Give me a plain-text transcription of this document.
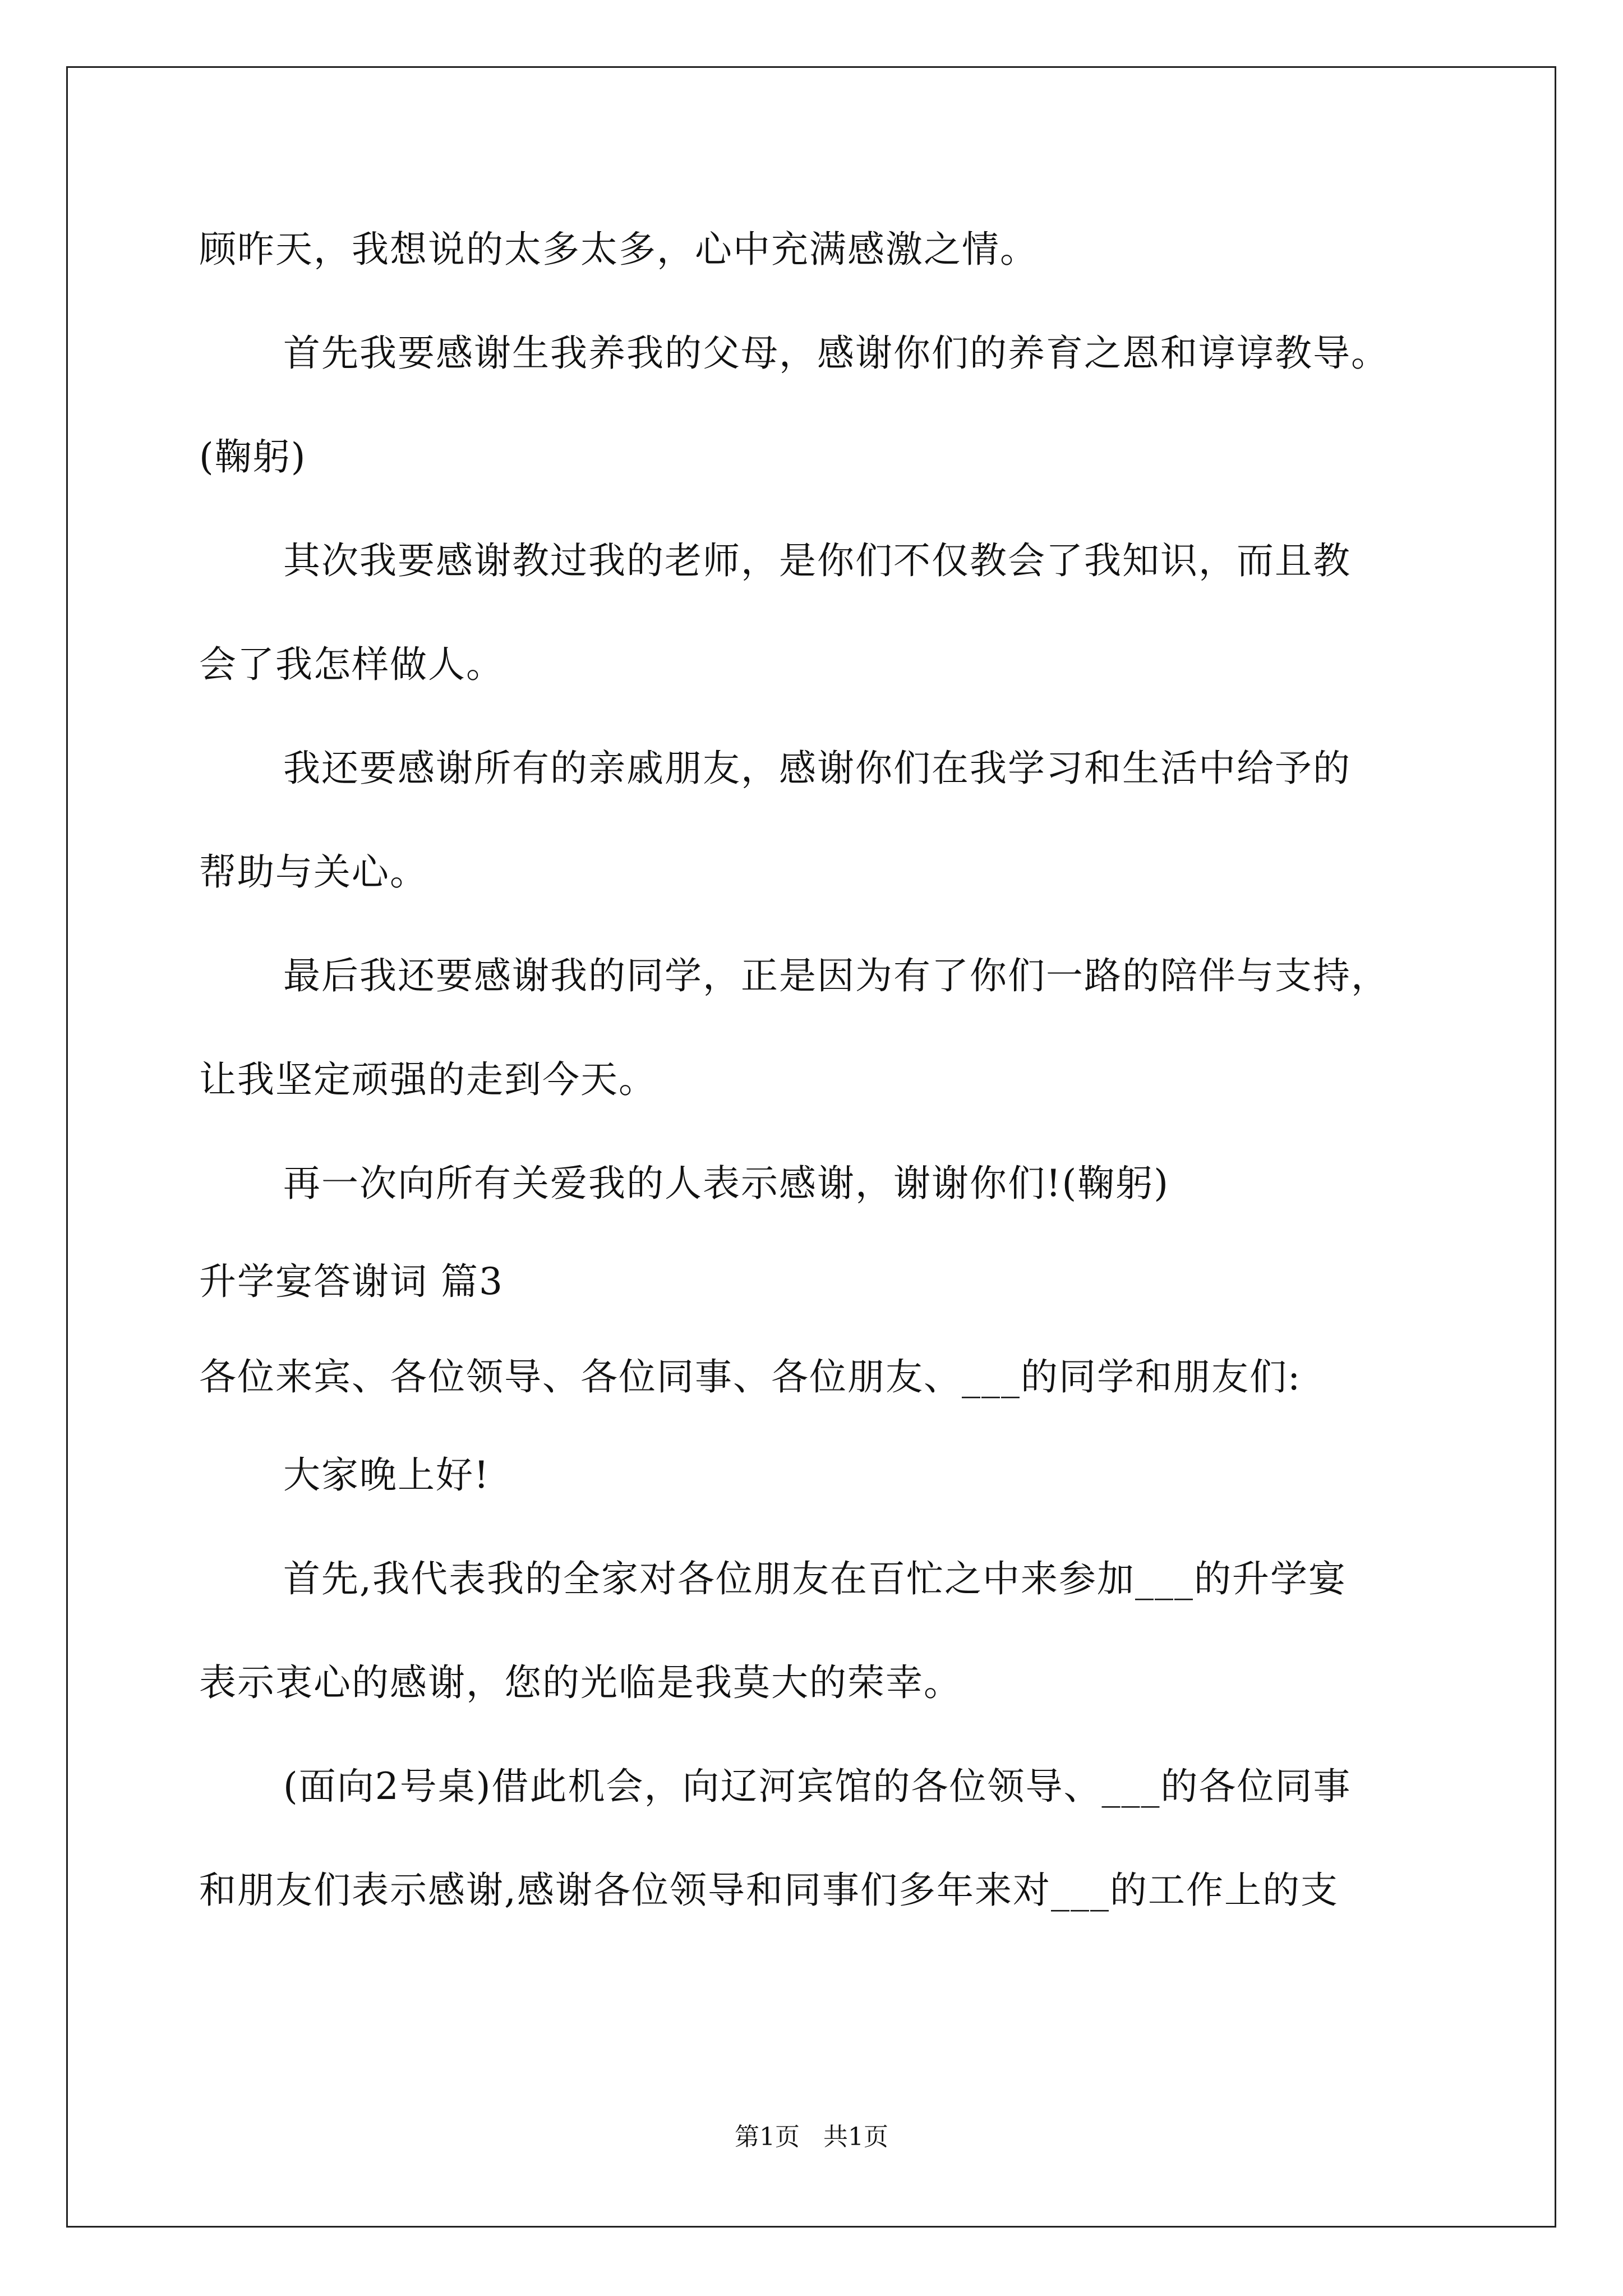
顾昨天，我想说的太多太多，心中充满感激之情。
首先我要感谢生我养我的父母，感谢你们的养育之恩和谆谆教导。
(鞠躬)
其次我要感谢教过我的老师，是你们不仅教会了我知识，而且教
会了我怎样做人。
我还要感谢所有的亲戚朋友，感谢你们在我学习和生活中给予的
帮助与关心。
最后我还要感谢我的同学，正是因为有了你们一路的陪伴与支持，
让我坚定顽强的走到今天。
再一次向所有关爱我的人表示感谢，谢谢你们!(鞠躬)
升学宴答谢词 篇3
各位来宾、各位领导、各位同事、各位朋友、___的同学和朋友们:
大家晚上好!
首先,我代表我的全家对各位朋友在百忙之中来参加___的升学宴
表示衷心的感谢，您的光临是我莫大的荣幸。
(面向2号桌)借此机会，向辽河宾馆的各位领导、___的各位同事
和朋友们表示感谢,感谢各位领导和同事们多年来对___的工作上的支
第1页 共1页
